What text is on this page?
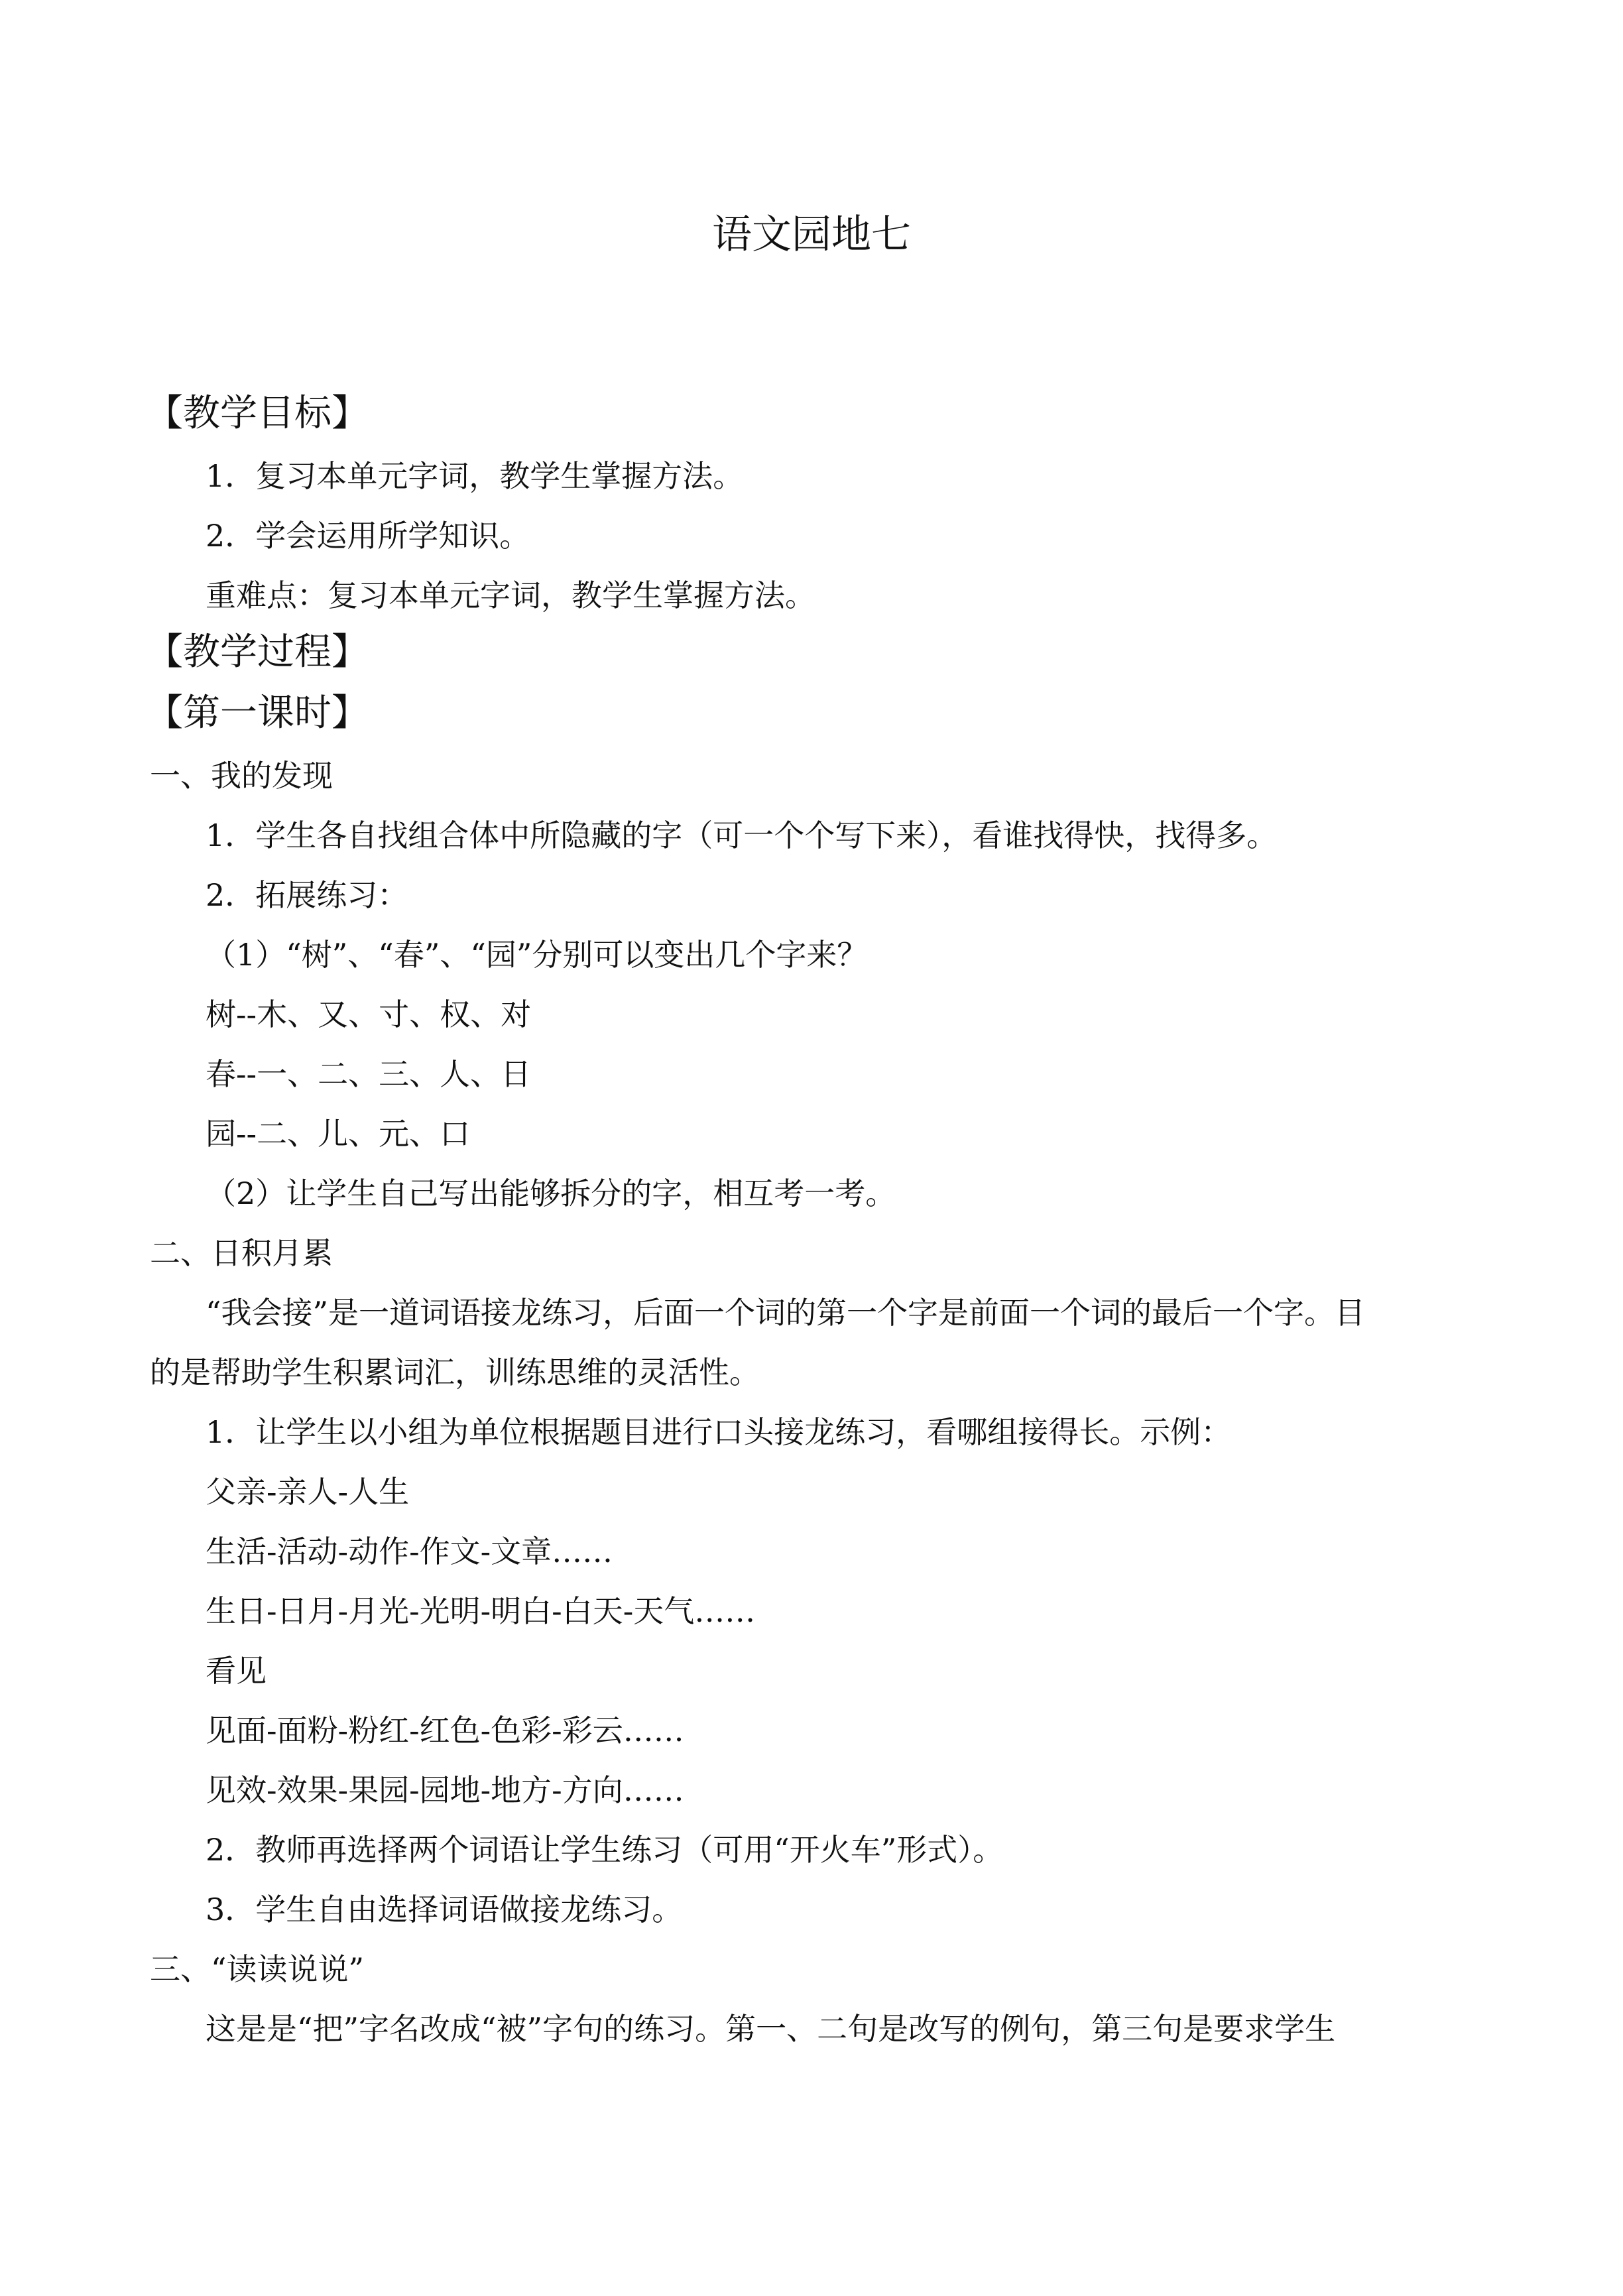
语文园地七
【教学目标】
1．复习本单元字词，教学生掌握方法。
2．学会运用所学知识。
重难点：复习本单元字词，教学生掌握方法。
【教学过程】
【第一课时】
一、我的发现
1．学生各自找组合体中所隐藏的字（可一个个写下来），看谁找得快，找得多。
2．拓展练习：
（1）“树”、“春”、“园”分别可以变出几个字来？
树--木、又、寸、权、对
春--一、二、三、人、日
园--二、儿、元、口
（2）让学生自己写出能够拆分的字，相互考一考。
二、日积月累
“我会接”是一道词语接龙练习，后面一个词的第一个字是前面一个词的最后一个字。目
的是帮助学生积累词汇，训练思维的灵活性。
1．让学生以小组为单位根据题目进行口头接龙练习，看哪组接得长。示例：
父亲-亲人-人生
生活-活动-动作-作文-文章……
生日-日月-月光-光明-明白-白天-天气……
看见
见面-面粉-粉红-红色-色彩-彩云……
见效-效果-果园-园地-地方-方向……
2．教师再选择两个词语让学生练习（可用“开火车”形式）。
3．学生自由选择词语做接龙练习。
三、“读读说说”
这是是“把”字名改成“被”字句的练习。第一、二句是改写的例句，第三句是要求学生
